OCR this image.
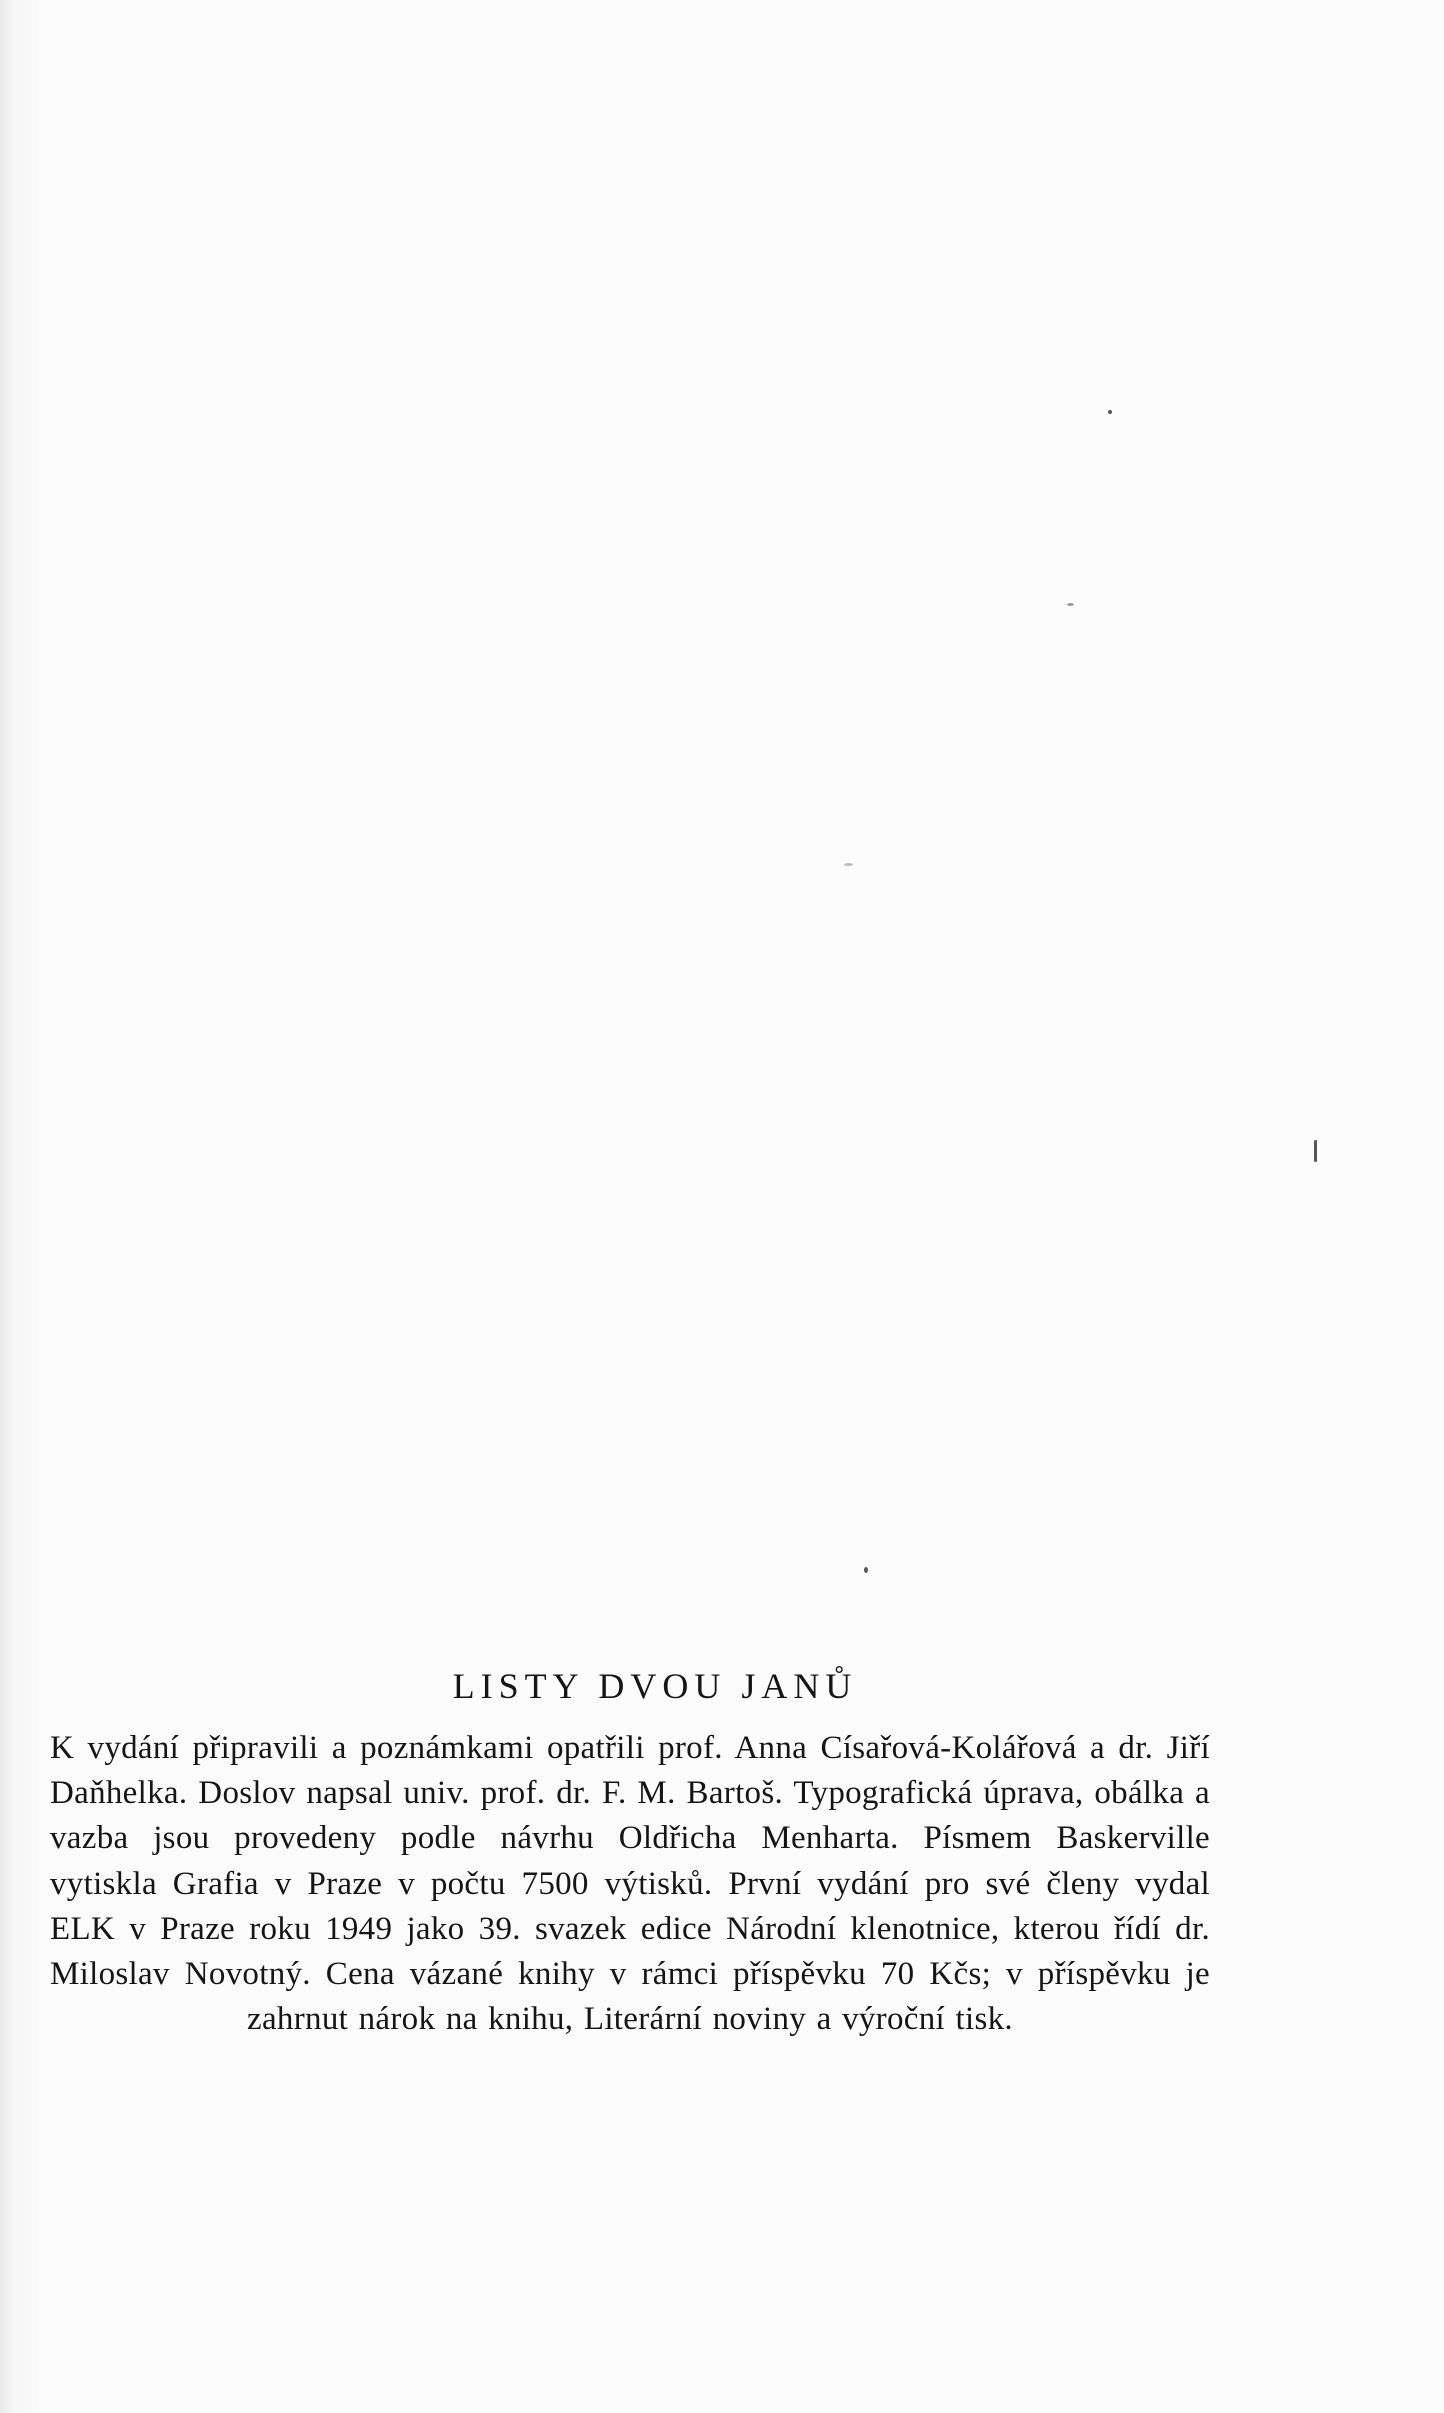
LISTY DVOU JANŮ

K vydání připravili a poznámkami opatřili prof. Anna Císařová-Kolářová a dr. Jiří Daňhelka. Doslov napsal univ. prof. dr. F. M. Bartoš. Typografická úprava, obálka a vazba jsou provedeny podle návrhu Oldřicha Menharta. Písmem Baskerville vytiskla Grafia v Praze v počtu 7500 výtisků. První vydání pro své členy vydal ELK v Praze roku 1949 jako 39. svazek edice Národní klenotnice, kterou řídí dr. Miloslav Novotný. Cena vázané knihy v rámci příspěvku 70 Kčs; v příspěvku je zahrnut nárok na knihu, Literární noviny a výroční tisk.
